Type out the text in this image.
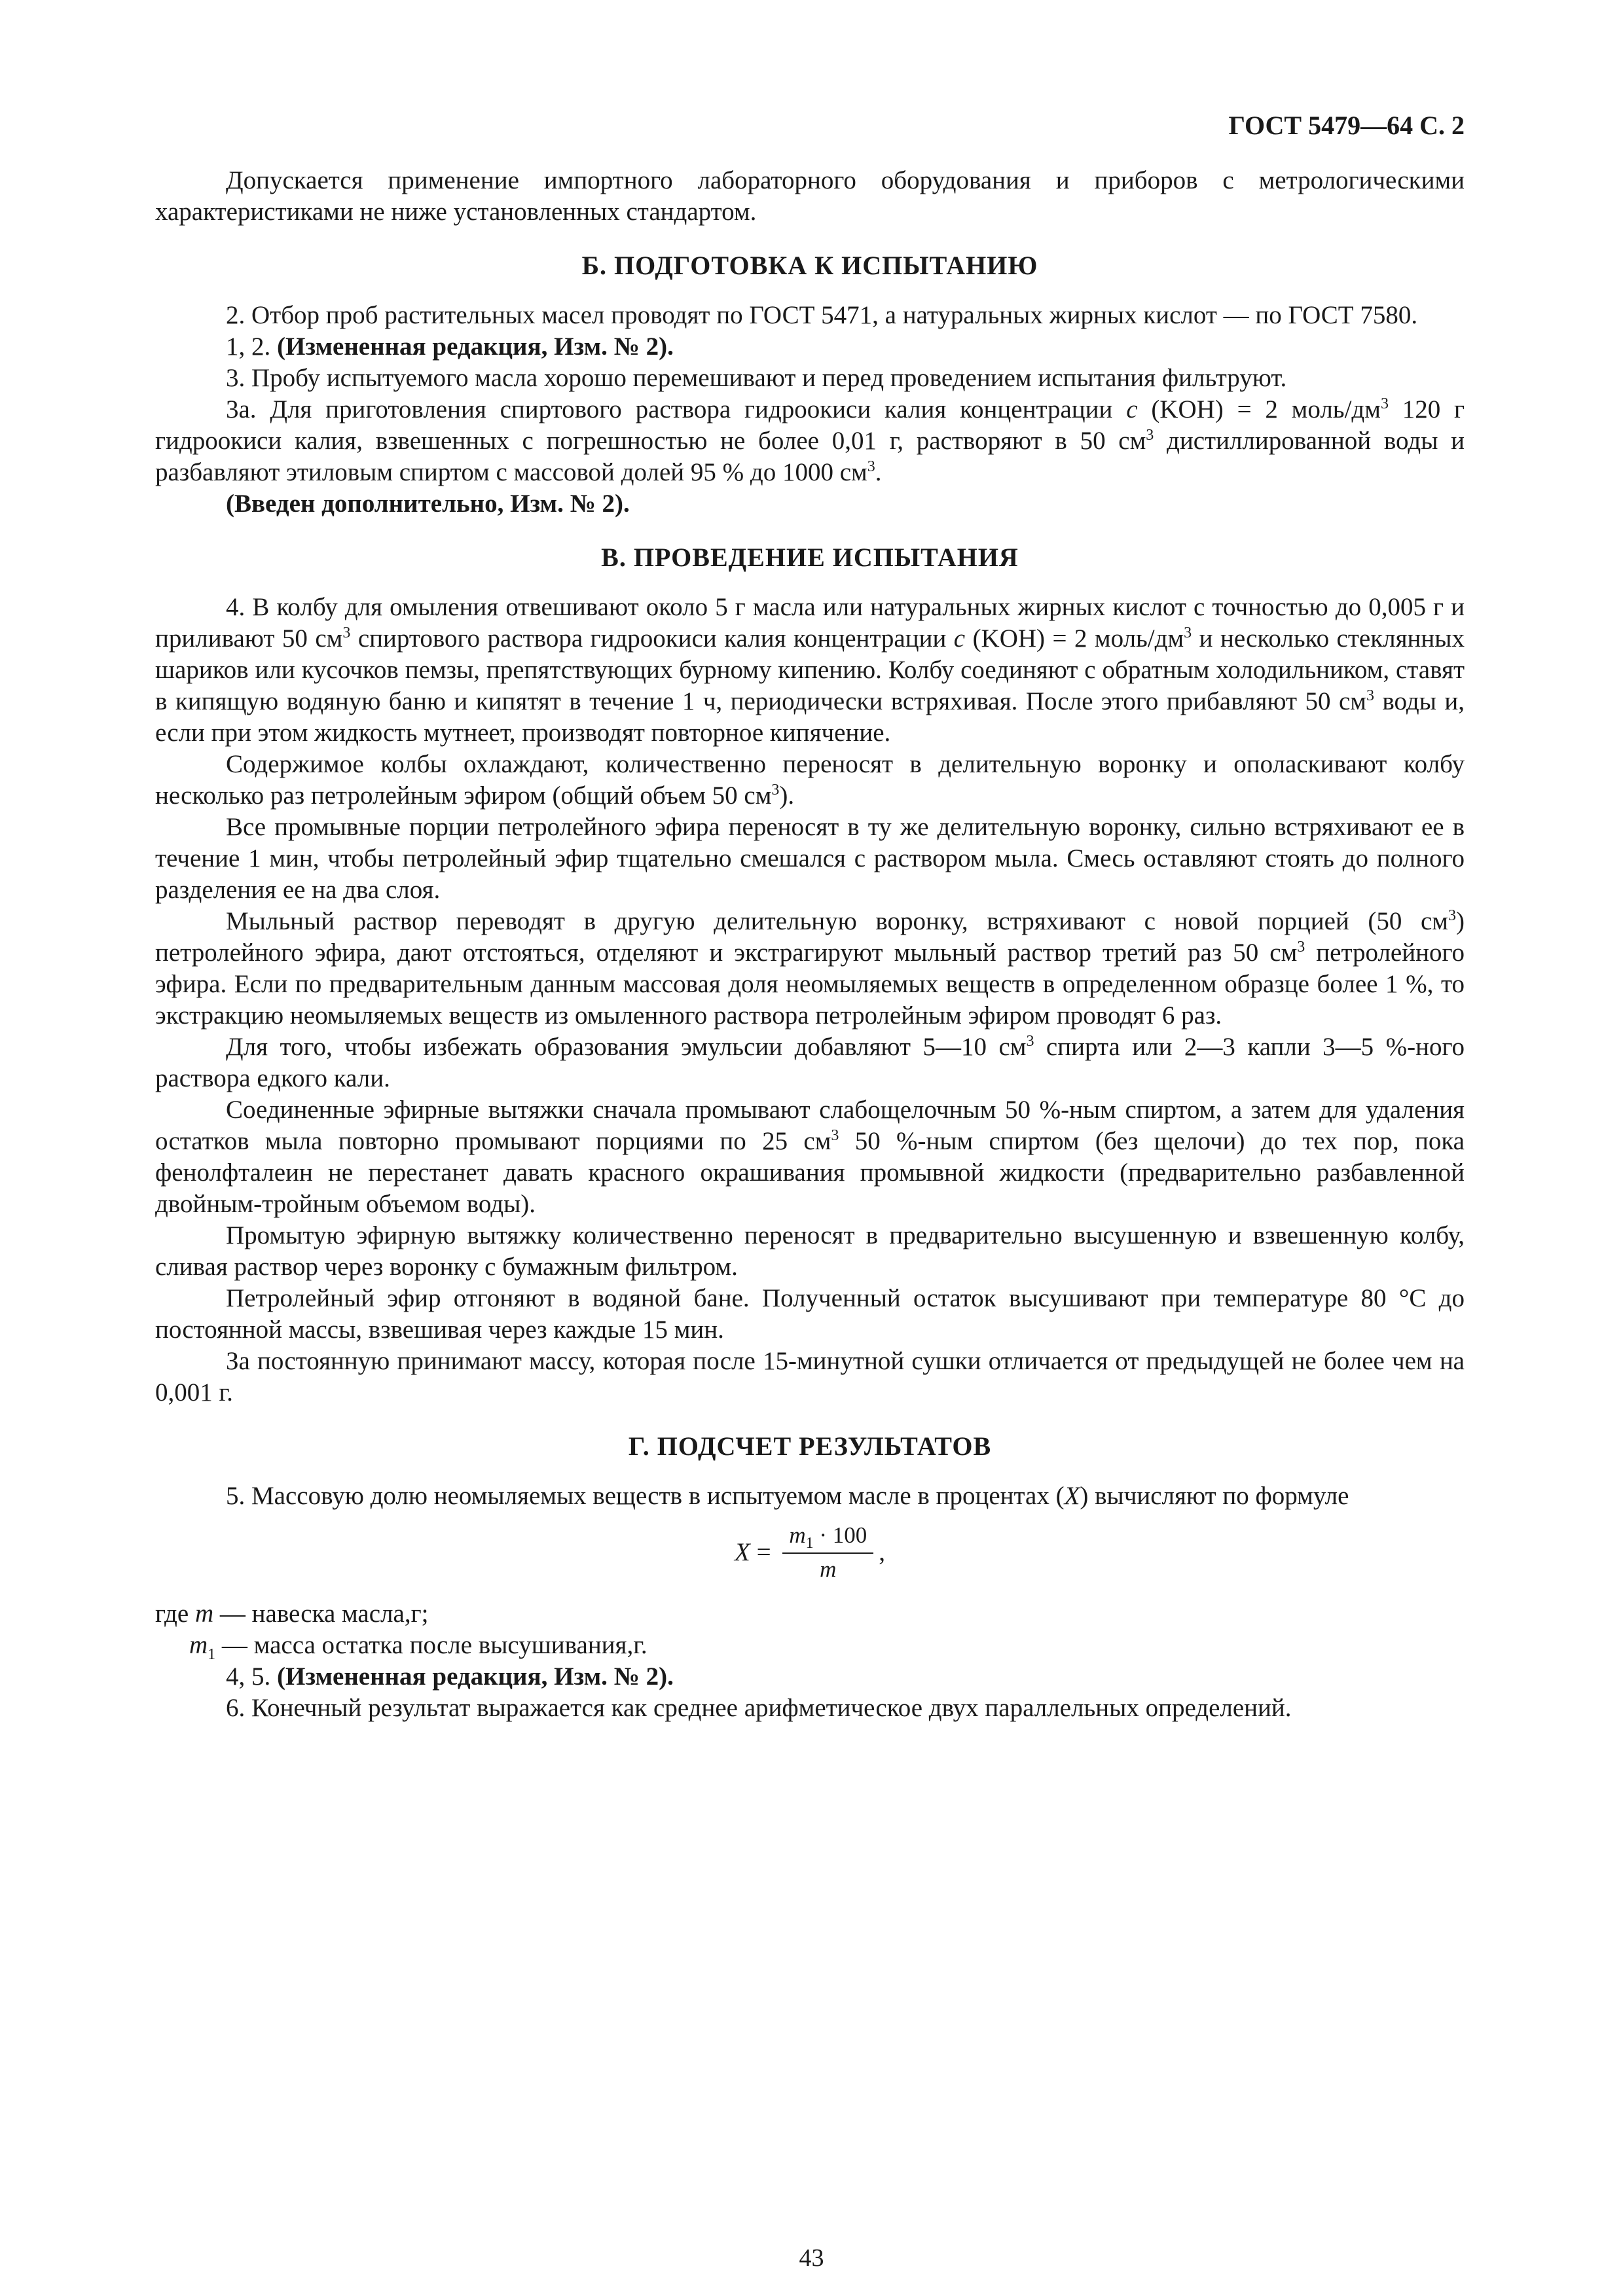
ГОСТ 5479—64 С. 2

Допускается применение импортного лабораторного оборудования и приборов с метрологическими характеристиками не ниже установленных стандартом.

Б. ПОДГОТОВКА К ИСПЫТАНИЮ

2. Отбор проб растительных масел проводят по ГОСТ 5471, а натуральных жирных кислот — по ГОСТ 7580.

1, 2. (Измененная редакция, Изм. № 2).

3. Пробу испытуемого масла хорошо перемешивают и перед проведением испытания фильтруют.

3а. Для приготовления спиртового раствора гидроокиси калия концентрации c (KOH) = 2 моль/$дм^3$ 120 г гидроокиси калия, взвешенных с погрешностью не более 0,01 г, растворяют в 50 $см^3$ дистиллированной воды и разбавляют этиловым спиртом с массовой долей 95 % до 1000 $см^3$.

(Введен дополнительно, Изм. № 2).

В. ПРОВЕДЕНИЕ ИСПЫТАНИЯ

4. В колбу для омыления отвешивают около 5 г масла или натуральных жирных кислот с точностью до 0,005 г и приливают 50 $см^3$ спиртового раствора гидроокиси калия концентрации c (KOH) = 2 моль/$дм^3$ и несколько стеклянных шариков или кусочков пемзы, препятствующих бурному кипению. Колбу соединяют с обратным холодильником, ставят в кипящую водяную баню и кипятят в течение 1 ч, периодически встряхивая. После этого прибавляют 50 $см^3$ воды и, если при этом жидкость мутнеет, производят повторное кипячение.

Содержимое колбы охлаждают, количественно переносят в делительную воронку и ополаскивают колбу несколько раз петролейным эфиром (общий объем 50 $см^3$).

Все промывные порции петролейного эфира переносят в ту же делительную воронку, сильно встряхивают ее в течение 1 мин, чтобы петролейный эфир тщательно смешался с раствором мыла. Смесь оставляют стоять до полного разделения ее на два слоя.

Мыльный раствор переводят в другую делительную воронку, встряхивают с новой порцией (50 $см^3$) петролейного эфира, дают отстояться, отделяют и экстрагируют мыльный раствор третий раз 50 $см^3$ петролейного эфира. Если по предварительным данным массовая доля неомыляемых веществ в определенном образце более 1 %, то экстракцию неомыляемых веществ из омыленного раствора петролейным эфиром проводят 6 раз.

Для того, чтобы избежать образования эмульсии добавляют 5—10 $см^3$ спирта или 2—3 капли 3—5 %-ного раствора едкого кали.

Соединенные эфирные вытяжки сначала промывают слабощелочным 50 %-ным спиртом, а затем для удаления остатков мыла повторно промывают порциями по 25 $см^3$ 50 %-ным спиртом (без щелочи) до тех пор, пока фенолфталеин не перестанет давать красного окрашивания промывной жидкости (предварительно разбавленной двойным-тройным объемом воды).

Промытую эфирную вытяжку количественно переносят в предварительно высушенную и взвешенную колбу, сливая раствор через воронку с бумажным фильтром.

Петролейный эфир отгоняют в водяной бане. Полученный остаток высушивают при температуре 80 °С до постоянной массы, взвешивая через каждые 15 мин.

За постоянную принимают массу, которая после 15-минутной сушки отличается от предыдущей не более чем на 0,001 г.

Г. ПОДСЧЕТ РЕЗУЛЬТАТОВ

5. Массовую долю неомыляемых веществ в испытуемом масле в процентах (X) вычисляют по формуле

$X = \frac{m_1 \cdot 100}{m}$ ,

где m — навеска масла,г;

$m_1$ — масса остатка после высушивания,г.

4, 5. (Измененная редакция, Изм. № 2).

6. Конечный результат выражается как среднее арифметическое двух параллельных определений.

43
